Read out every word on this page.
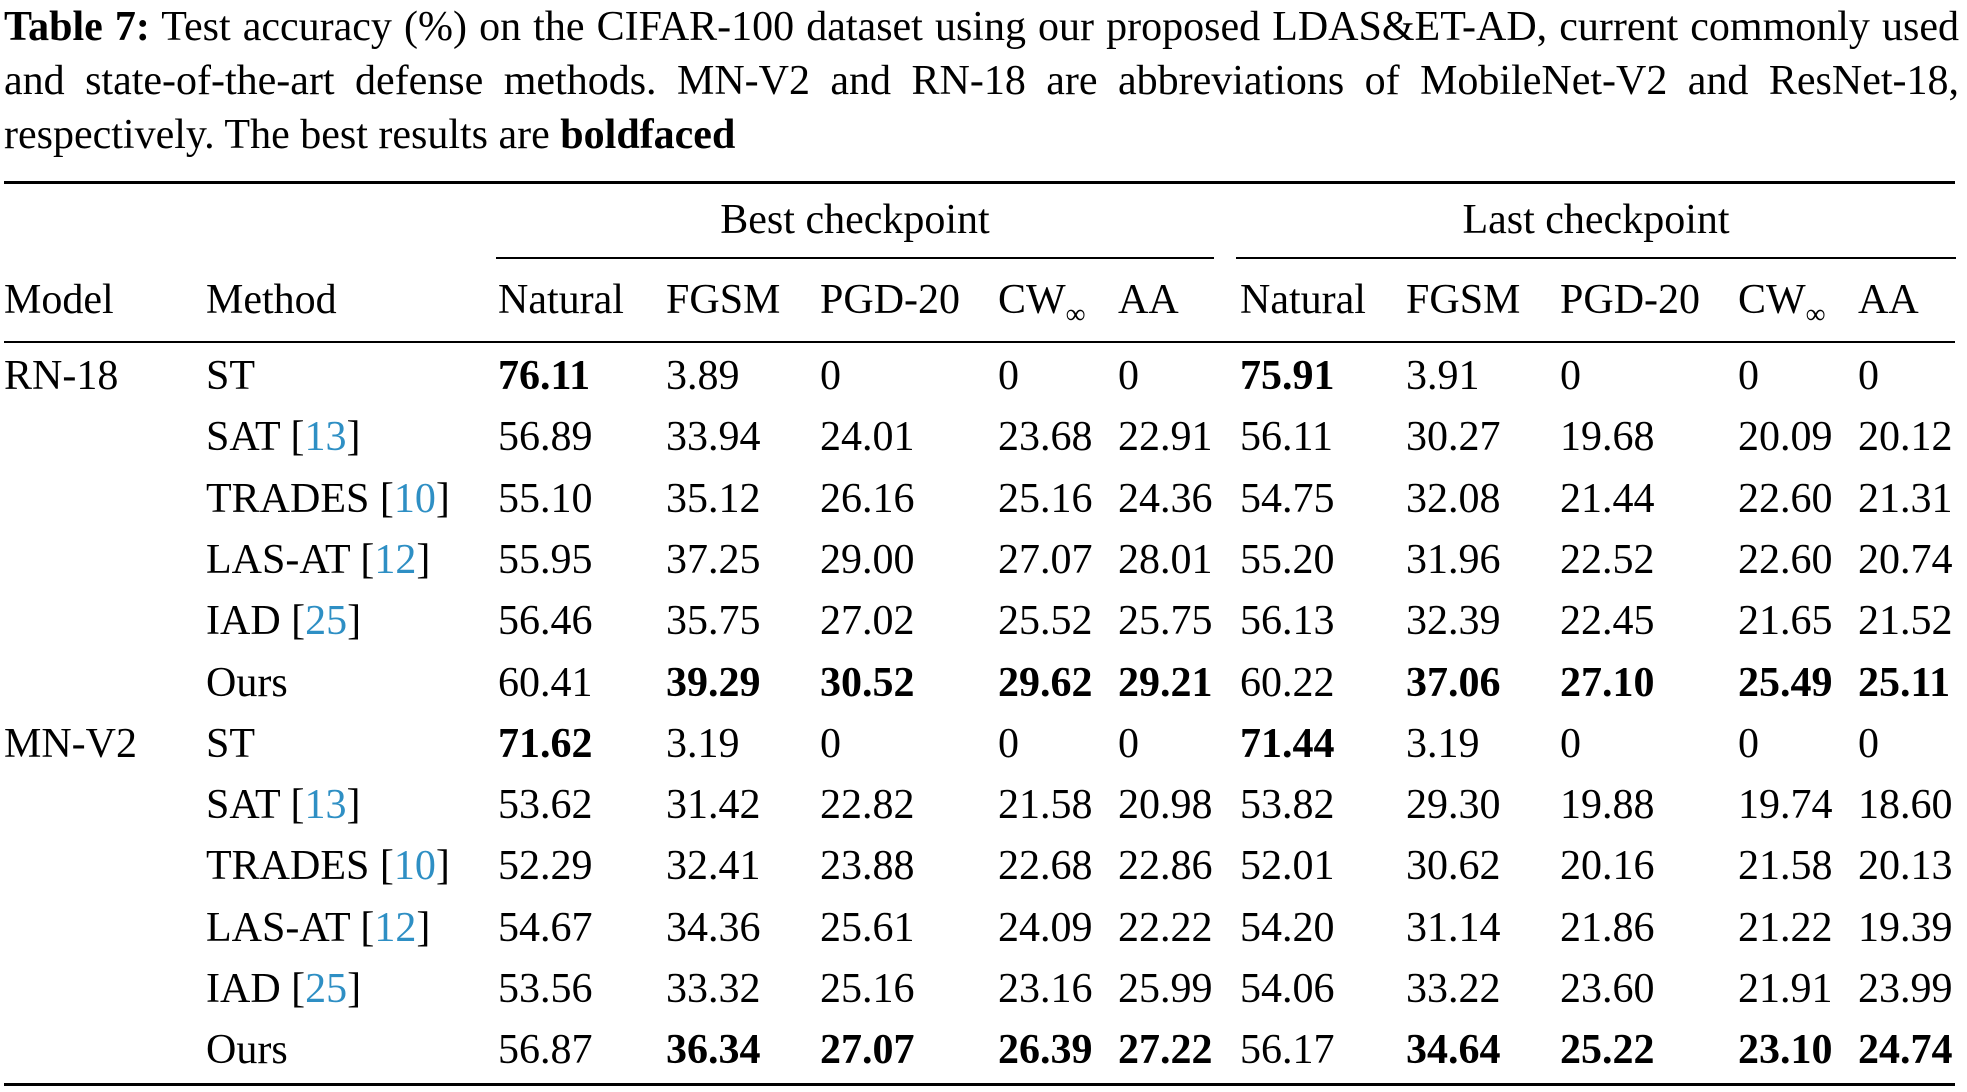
Table 7: Test accuracy (%) on the CIFAR-100 dataset using our proposed LDAS&ET-AD, current commonly used and state-of-the-art defense methods. MN-V2 and RN-18 are abbreviations of MobileNet-V2 and ResNet-18, respectively. The best results are boldfaced
Best checkpoint	Last checkpoint
Model Method	Natural FGSM PGD-20 $CW_\infty$ AA Natural FGSM PGD-20 $CW_\infty$ AA
RN-18 ST	76.11 3.89 0	0 0 75.91 3.91 0	0 0
SAT [13]	56.89 33.94 24.01 23.68 22.91 56.11 30.27 19.68 20.09 20.12
TRADES [10] 55.10 35.12 26.16 25.16 24.36 54.75 32.08 21.44 22.60 21.31
LAS-AT [12] 55.95 37.25 29.00 27.07 28.01 55.20 31.96 22.52 22.60 20.74
IAD [25]	56.46 35.75 27.02 25.52 25.75 56.13 32.39 22.45 21.65 21.52
Ours	60.41 39.29 30.52 29.62 29.21 60.22 37.06 27.10 25.49 25.11
MN-V2 ST	71.62 3.19 0	0 0 71.44 3.19 0	0 0
SAT [13]	53.62 31.42 22.82 21.58 20.98 53.82 29.30 19.88 19.74 18.60
TRADES [10] 52.29 32.41 23.88 22.68 22.86 52.01 30.62 20.16 21.58 20.13
LAS-AT [12] 54.67 34.36 25.61 24.09 22.22 54.20 31.14 21.86 21.22 19.39
IAD [25]	53.56 33.32 25.16 23.16 25.99 54.06 33.22 23.60 21.91 23.99
Ours	56.87 36.34 27.07 26.39 27.22 56.17 34.64 25.22 23.10 24.74
